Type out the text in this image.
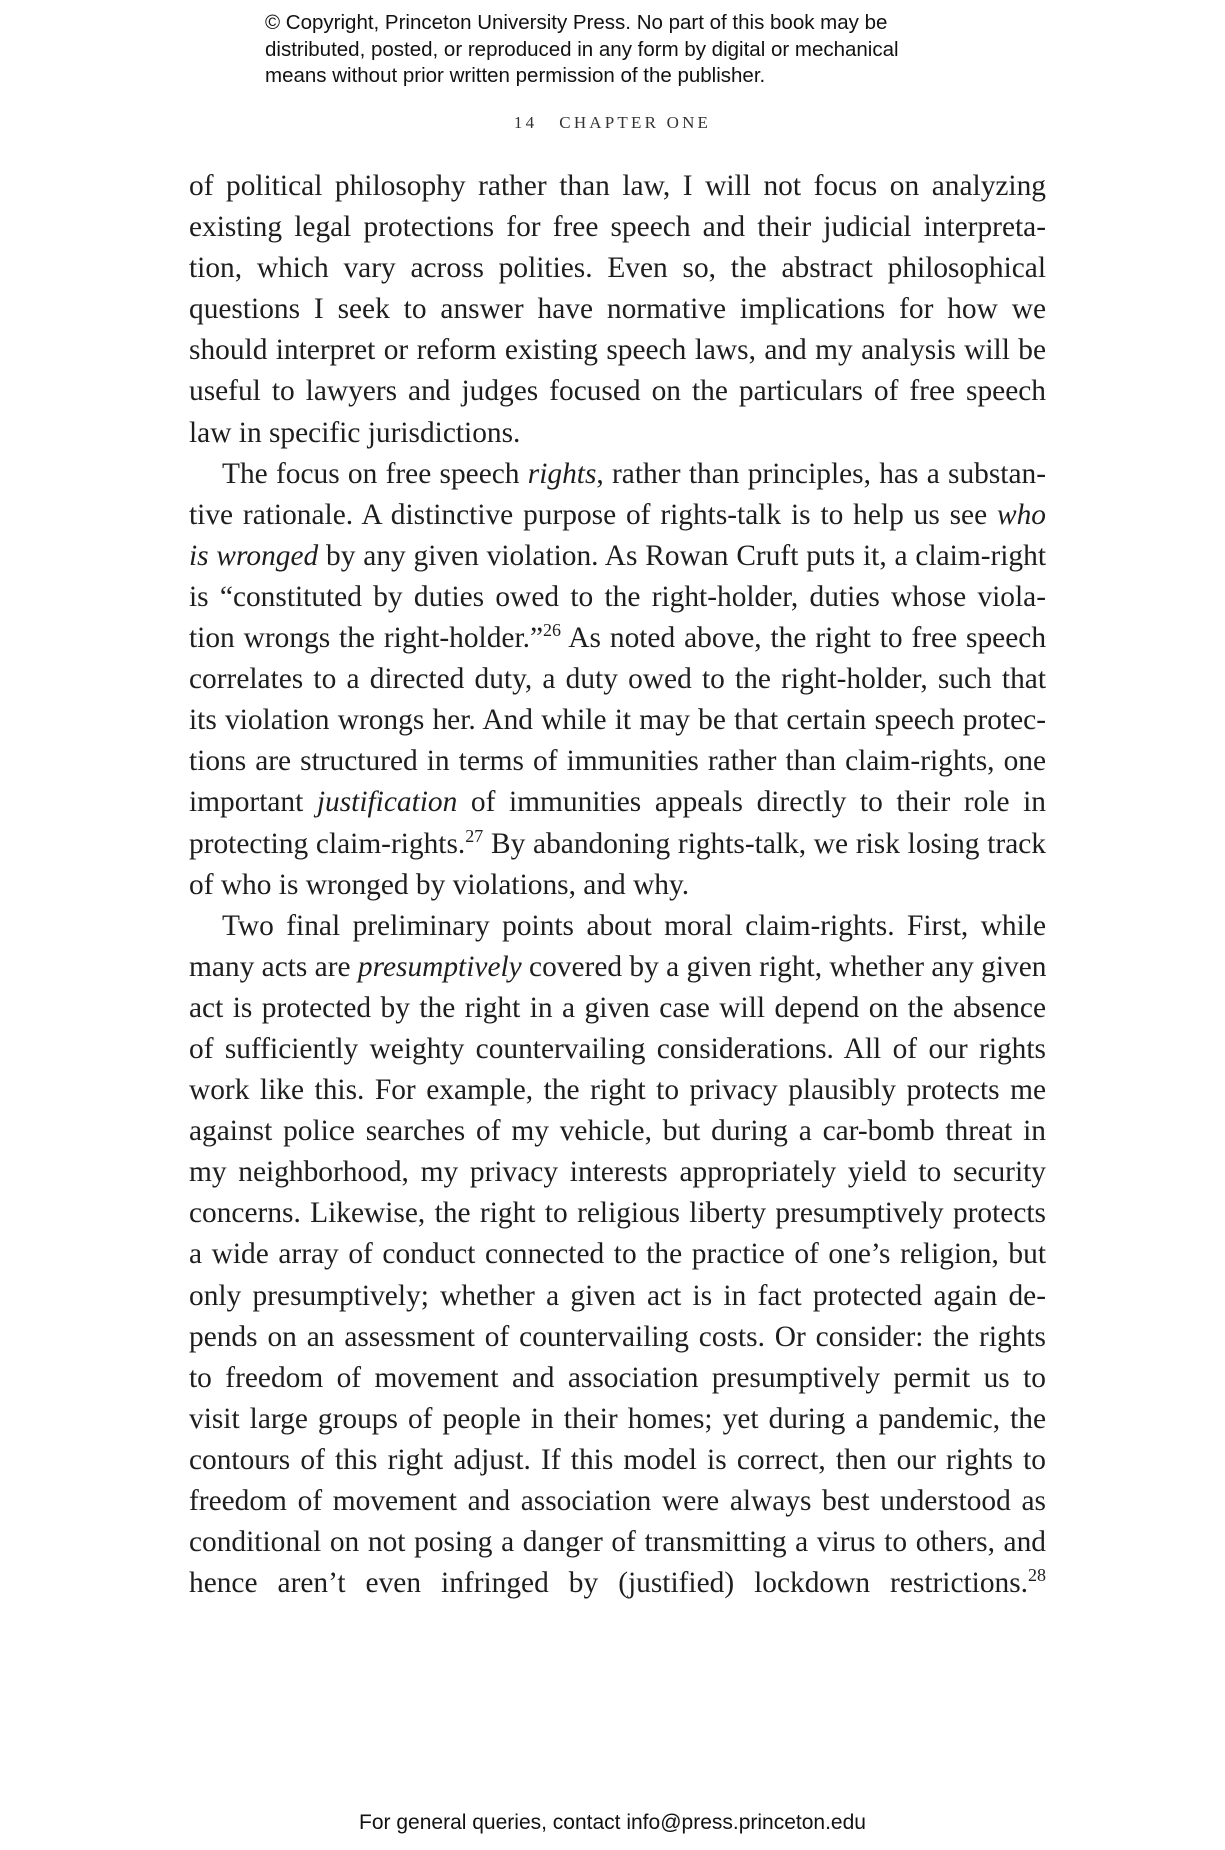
© Copyright, Princeton University Press. No part of this book may be
distributed, posted, or reproduced in any form by digital or mechanical
means without prior written permission of the publisher.
14 CHAPTER ONE
of political philosophy rather than law, I will not focus on analyzing
existing legal protections for free speech and their judicial interpreta-
tion, which vary across polities. Even so, the abstract philosophical
questions I seek to answer have normative implications for how we
should interpret or reform existing speech laws, and my analysis will be
useful to lawyers and judges focused on the particulars of free speech
law in specific jurisdictions.
The focus on free speech rights, rather than principles, has a substan-
tive rationale. A distinctive purpose of rights-talk is to help us see who
is wronged by any given violation. As Rowan Cruft puts it, a claim-right
is “constituted by duties owed to the right-holder, duties whose viola-
tion wrongs the right-holder.”$^{26}$ As noted above, the right to free speech
correlates to a directed duty, a duty owed to the right-holder, such that
its violation wrongs her. And while it may be that certain speech protec-
tions are structured in terms of immunities rather than claim-rights, one
important justification of immunities appeals directly to their role in
protecting claim-rights.$^{27}$ By abandoning rights-talk, we risk losing track
of who is wronged by violations, and why.
Two final preliminary points about moral claim-rights. First, while
many acts are presumptively covered by a given right, whether any given
act is protected by the right in a given case will depend on the absence
of sufficiently weighty countervailing considerations. All of our rights
work like this. For example, the right to privacy plausibly protects me
against police searches of my vehicle, but during a car-bomb threat in
my neighborhood, my privacy interests appropriately yield to security
concerns. Likewise, the right to religious liberty presumptively protects
a wide array of conduct connected to the practice of one’s religion, but
only presumptively; whether a given act is in fact protected again de-
pends on an assessment of countervailing costs. Or consider: the rights
to freedom of movement and association presumptively permit us to
visit large groups of people in their homes; yet during a pandemic, the
contours of this right adjust. If this model is correct, then our rights to
freedom of movement and association were always best understood as
conditional on not posing a danger of transmitting a virus to others, and
hence aren’t even infringed by (justified) lockdown restrictions.$^{28}$
For general queries, contact info@press.princeton.edu
